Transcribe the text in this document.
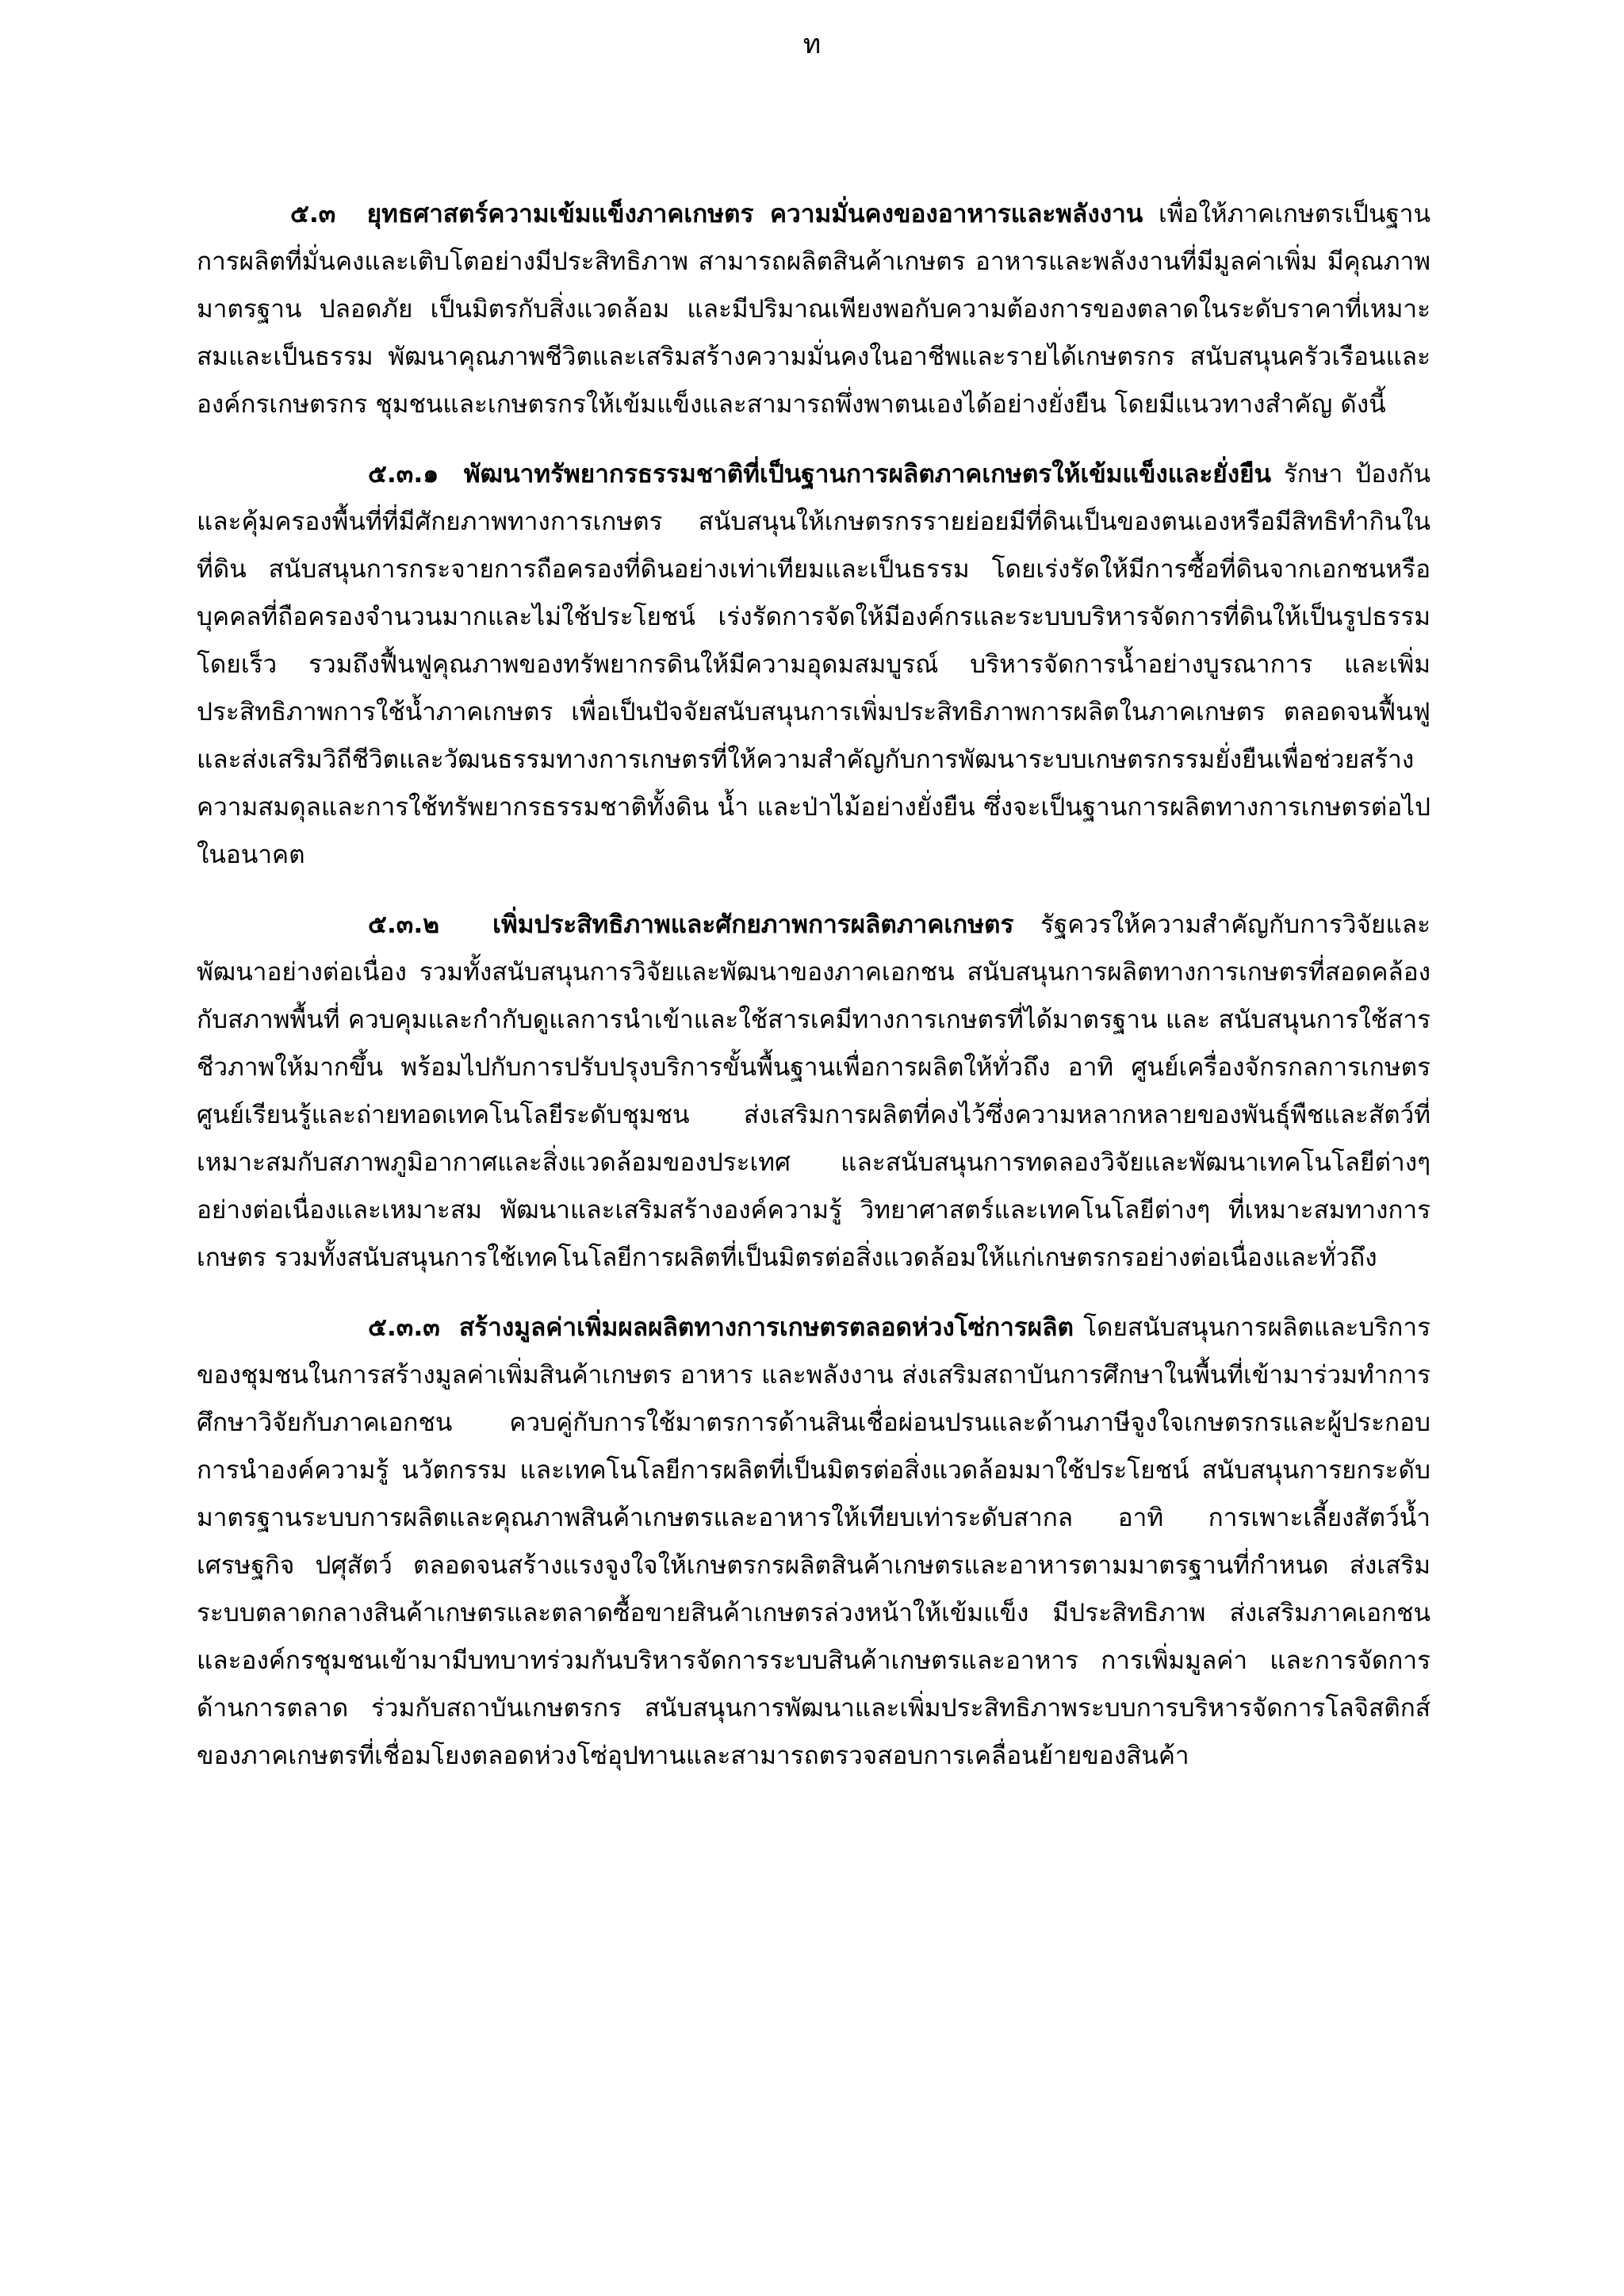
ท

๕.๓ ยุทธศาสตร์ความเข้มแข็งภาคเกษตร ความมั่นคงของอาหารและพลังงาน เพื่อให้ภาคเกษตรเป็นฐานการผลิตที่มั่นคงและเติบโตอย่างมีประสิทธิภาพ สามารถผลิตสินค้าเกษตร อาหารและพลังงานที่มีมูลค่าเพิ่ม มีคุณภาพ มาตรฐาน ปลอดภัย เป็นมิตรกับสิ่งแวดล้อม และมีปริมาณเพียงพอกับความต้องการของตลาดในระดับราคาที่เหมาะสมและเป็นธรรม พัฒนาคุณภาพชีวิตและเสริมสร้างความมั่นคงในอาชีพและรายได้เกษตรกร สนับสนุนครัวเรือนและองค์กรเกษตรกร ชุมชนและเกษตรกรให้เข้มแข็งและสามารถพึ่งพาตนเองได้อย่างยั่งยืน โดยมีแนวทางสำคัญ ดังนี้

๕.๓.๑ พัฒนาทรัพยากรธรรมชาติที่เป็นฐานการผลิตภาคเกษตรให้เข้มแข็งและยั่งยืน รักษา ป้องกัน และคุ้มครองพื้นที่ที่มีศักยภาพทางการเกษตร สนับสนุนให้เกษตรกรรายย่อยมีที่ดินเป็นของตนเองหรือมีสิทธิทำกินในที่ดิน สนับสนุนการกระจายการถือครองที่ดินอย่างเท่าเทียมและเป็นธรรม โดยเร่งรัดให้มีการซื้อที่ดินจากเอกชนหรือบุคคลที่ถือครองจำนวนมากและไม่ใช้ประโยชน์ เร่งรัดการจัดให้มีองค์กรและระบบบริหารจัดการที่ดินให้เป็นรูปธรรมโดยเร็ว รวมถึงฟื้นฟูคุณภาพของทรัพยากรดินให้มีความอุดมสมบูรณ์ บริหารจัดการน้ำอย่างบูรณาการ และเพิ่มประสิทธิภาพการใช้น้ำภาคเกษตร เพื่อเป็นปัจจัยสนับสนุนการเพิ่มประสิทธิภาพการผลิตในภาคเกษตร ตลอดจนฟื้นฟูและส่งเสริมวิถีชีวิตและวัฒนธรรมทางการเกษตรที่ให้ความสำคัญกับการพัฒนาระบบเกษตรกรรมยั่งยืนเพื่อช่วยสร้างความสมดุลและการใช้ทรัพยากรธรรมชาติทั้งดิน น้ำ และป่าไม้อย่างยั่งยืน ซึ่งจะเป็นฐานการผลิตทางการเกษตรต่อไปในอนาคต

๕.๓.๒ เพิ่มประสิทธิภาพและศักยภาพการผลิตภาคเกษตร รัฐควรให้ความสำคัญกับการวิจัยและพัฒนาอย่างต่อเนื่อง รวมทั้งสนับสนุนการวิจัยและพัฒนาของภาคเอกชน สนับสนุนการผลิตทางการเกษตรที่สอดคล้องกับสภาพพื้นที่ ควบคุมและกำกับดูแลการนำเข้าและใช้สารเคมีทางการเกษตรที่ได้มาตรฐาน และ สนับสนุนการใช้สารชีวภาพให้มากขึ้น พร้อมไปกับการปรับปรุงบริการขั้นพื้นฐานเพื่อการผลิตให้ทั่วถึง อาทิ ศูนย์เครื่องจักรกลการเกษตร ศูนย์เรียนรู้และถ่ายทอดเทคโนโลยีระดับชุมชน ส่งเสริมการผลิตที่คงไว้ซึ่งความหลากหลายของพันธุ์พืชและสัตว์ที่เหมาะสมกับสภาพภูมิอากาศและสิ่งแวดล้อมของประเทศ และสนับสนุนการทดลองวิจัยและพัฒนาเทคโนโลยีต่างๆ อย่างต่อเนื่องและเหมาะสม พัฒนาและเสริมสร้างองค์ความรู้ วิทยาศาสตร์และเทคโนโลยีต่างๆ ที่เหมาะสมทางการเกษตร รวมทั้งสนับสนุนการใช้เทคโนโลยีการผลิตที่เป็นมิตรต่อสิ่งแวดล้อมให้แก่เกษตรกรอย่างต่อเนื่องและทั่วถึง

๕.๓.๓ สร้างมูลค่าเพิ่มผลผลิตทางการเกษตรตลอดห่วงโซ่การผลิต โดยสนับสนุนการผลิตและบริการของชุมชนในการสร้างมูลค่าเพิ่มสินค้าเกษตร อาหาร และพลังงาน ส่งเสริมสถาบันการศึกษาในพื้นที่เข้ามาร่วมทำการศึกษาวิจัยกับภาคเอกชน ควบคู่กับการใช้มาตรการด้านสินเชื่อผ่อนปรนและด้านภาษีจูงใจเกษตรกรและผู้ประกอบการนำองค์ความรู้ นวัตกรรม และเทคโนโลยีการผลิตที่เป็นมิตรต่อสิ่งแวดล้อมมาใช้ประโยชน์ สนับสนุนการยกระดับมาตรฐานระบบการผลิตและคุณภาพสินค้าเกษตรและอาหารให้เทียบเท่าระดับสากล อาทิ การเพาะเลี้ยงสัตว์น้ำเศรษฐกิจ ปศุสัตว์ ตลอดจนสร้างแรงจูงใจให้เกษตรกรผลิตสินค้าเกษตรและอาหารตามมาตรฐานที่กำหนด ส่งเสริมระบบตลาดกลางสินค้าเกษตรและตลาดซื้อขายสินค้าเกษตรล่วงหน้าให้เข้มแข็ง มีประสิทธิภาพ ส่งเสริมภาคเอกชนและองค์กรชุมชนเข้ามามีบทบาทร่วมกันบริหารจัดการระบบสินค้าเกษตรและอาหาร การเพิ่มมูลค่า และการจัดการด้านการตลาด ร่วมกับสถาบันเกษตรกร สนับสนุนการพัฒนาและเพิ่มประสิทธิภาพระบบการบริหารจัดการโลจิสติกส์ของภาคเกษตรที่เชื่อมโยงตลอดห่วงโซ่อุปทานและสามารถตรวจสอบการเคลื่อนย้ายของสินค้า
